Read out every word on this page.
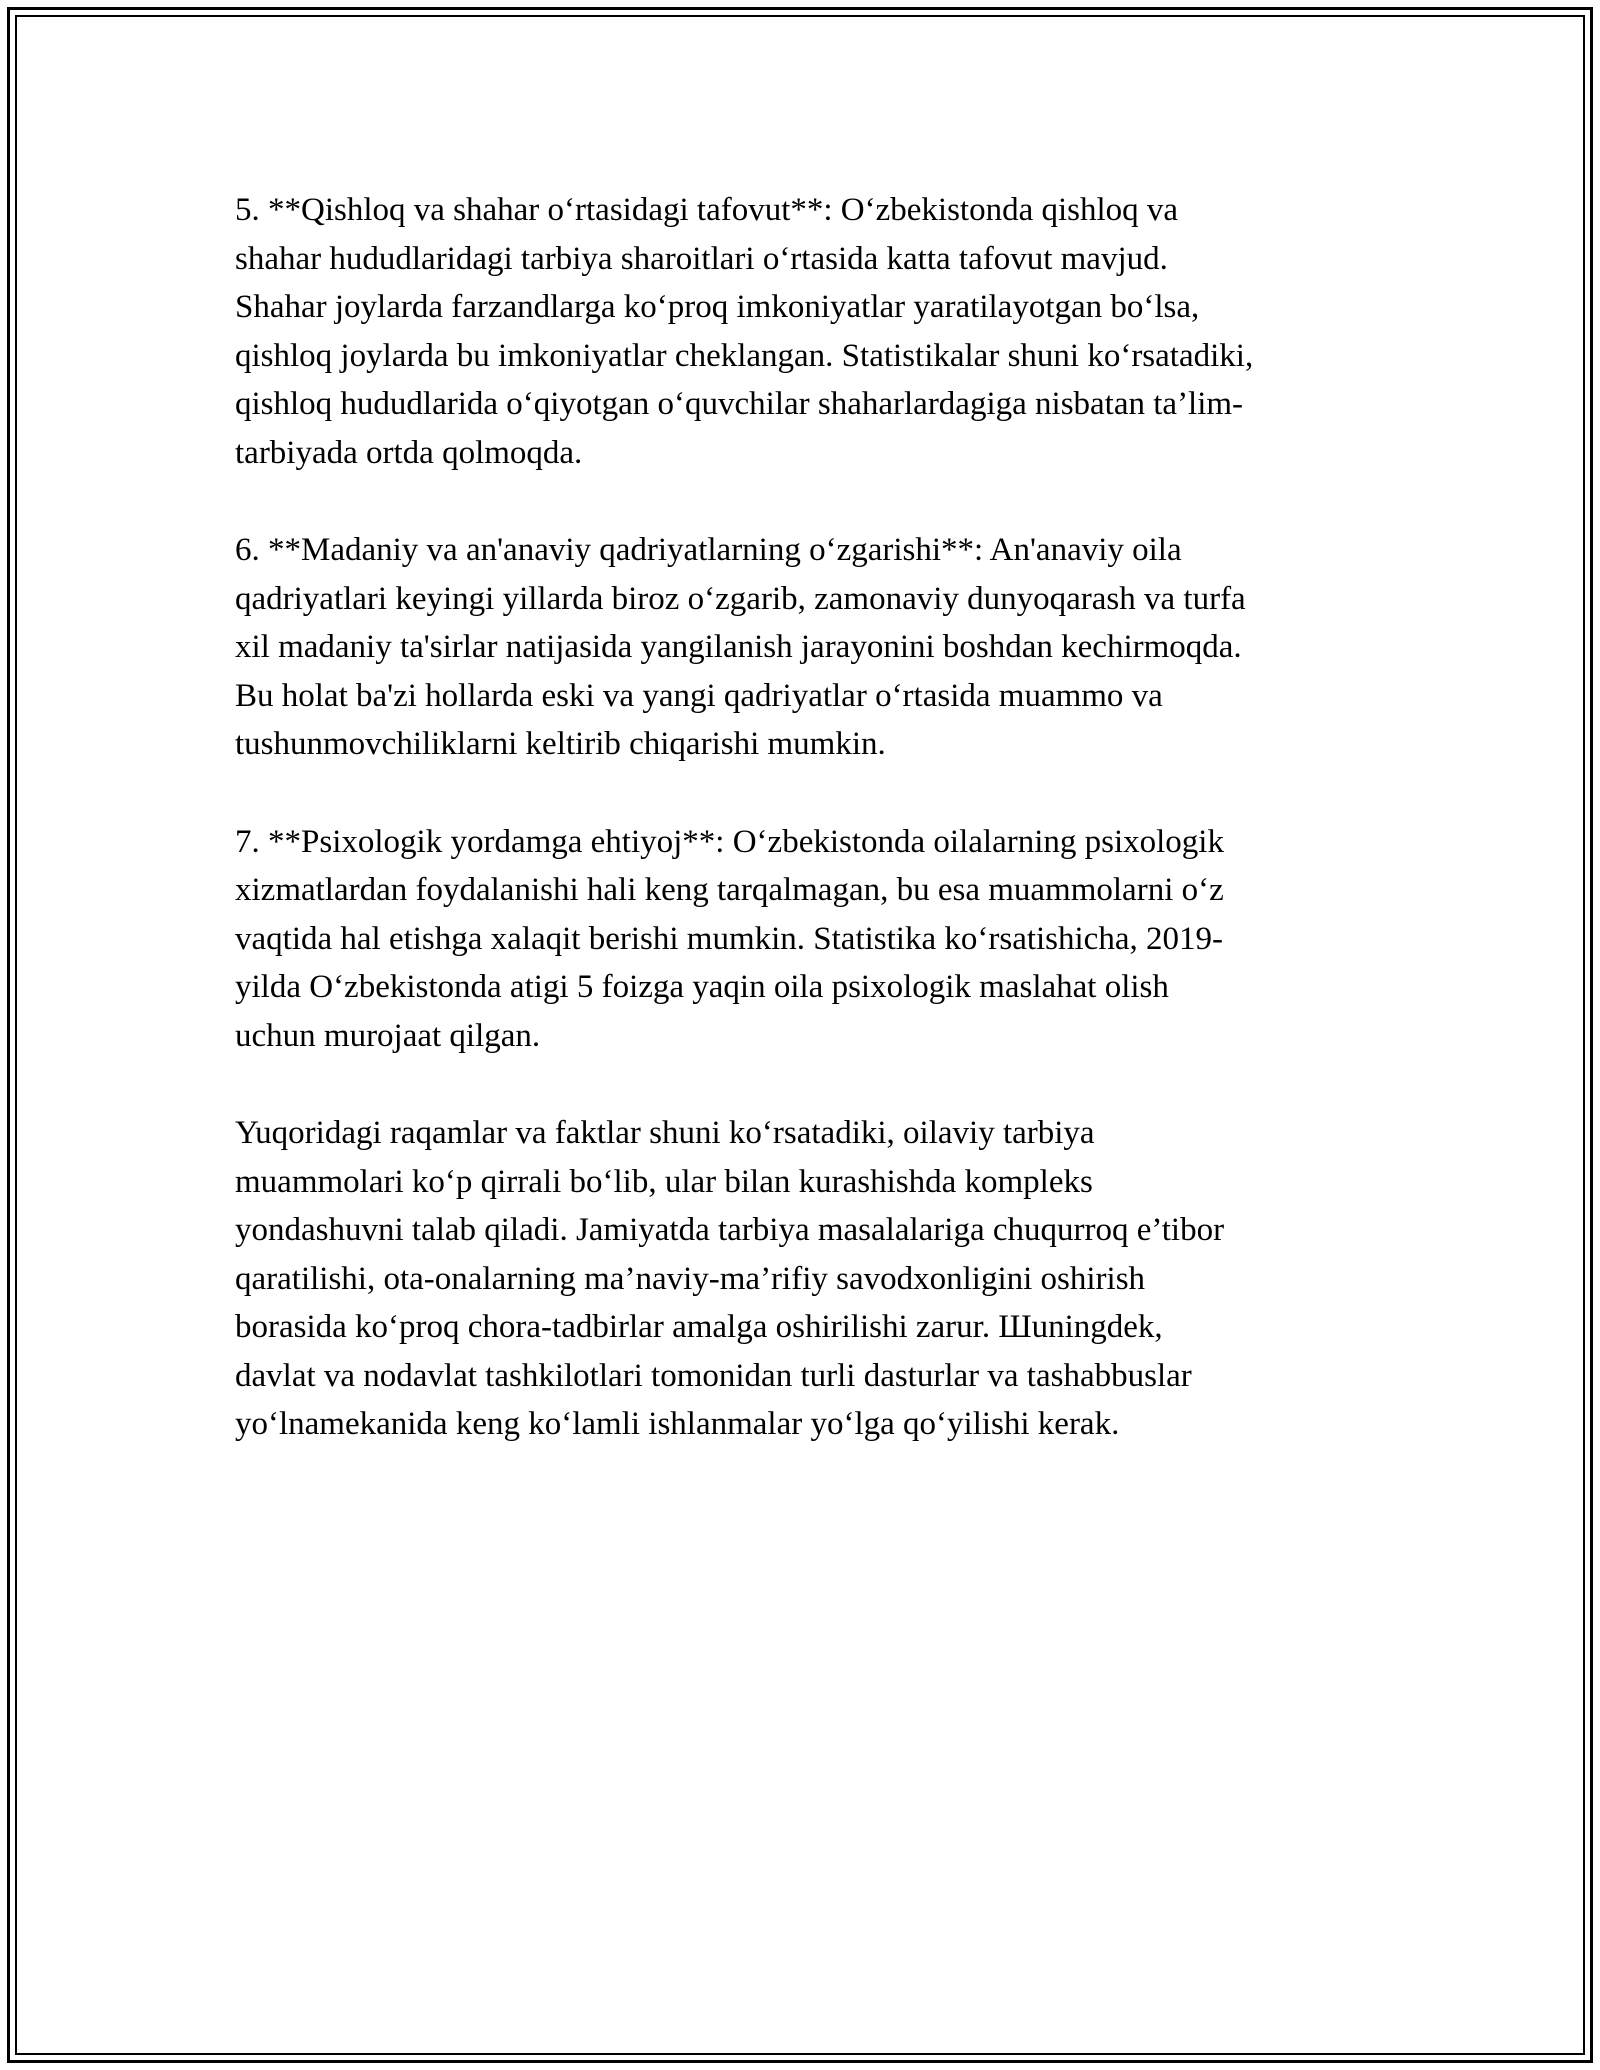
5. **Qishloq va shahar o‘rtasidagi tafovut**: O‘zbekistonda qishloq va
shahar hududlaridagi tarbiya sharoitlari o‘rtasida katta tafovut mavjud.
Shahar joylarda farzandlarga ko‘proq imkoniyatlar yaratilayotgan bo‘lsa,
qishloq joylarda bu imkoniyatlar cheklangan. Statistikalar shuni ko‘rsatadiki,
qishloq hududlarida o‘qiyotgan o‘quvchilar shaharlardagiga nisbatan ta’lim-
tarbiyada ortda qolmoqda.

6. **Madaniy va an'anaviy qadriyatlarning o‘zgarishi**: An'anaviy oila
qadriyatlari keyingi yillarda biroz o‘zgarib, zamonaviy dunyoqarash va turfa
xil madaniy ta'sirlar natijasida yangilanish jarayonini boshdan kechirmoqda.
Bu holat ba'zi hollarda eski va yangi qadriyatlar o‘rtasida muammo va
tushunmovchiliklarni keltirib chiqarishi mumkin.

7. **Psixologik yordamga ehtiyoj**: O‘zbekistonda oilalarning psixologik
xizmatlardan foydalanishi hali keng tarqalmagan, bu esa muammolarni o‘z
vaqtida hal etishga xalaqit berishi mumkin. Statistika ko‘rsatishicha, 2019-
yilda O‘zbekistonda atigi 5 foizga yaqin oila psixologik maslahat olish
uchun murojaat qilgan.

Yuqoridagi raqamlar va faktlar shuni ko‘rsatadiki, oilaviy tarbiya
muammolari ko‘p qirrali bo‘lib, ular bilan kurashishda kompleks
yondashuvni talab qiladi. Jamiyatda tarbiya masalalariga chuqurroq e’tibor
qaratilishi, ota-onalarning ma’naviy-ma’rifiy savodxonligini oshirish
borasida ko‘proq chora-tadbirlar amalga oshirilishi zarur. Шuningdek,
davlat va nodavlat tashkilotlari tomonidan turli dasturlar va tashabbuslar
yo‘lnamekanida keng ko‘lamli ishlanmalar yo‘lga qo‘yilishi kerak.
